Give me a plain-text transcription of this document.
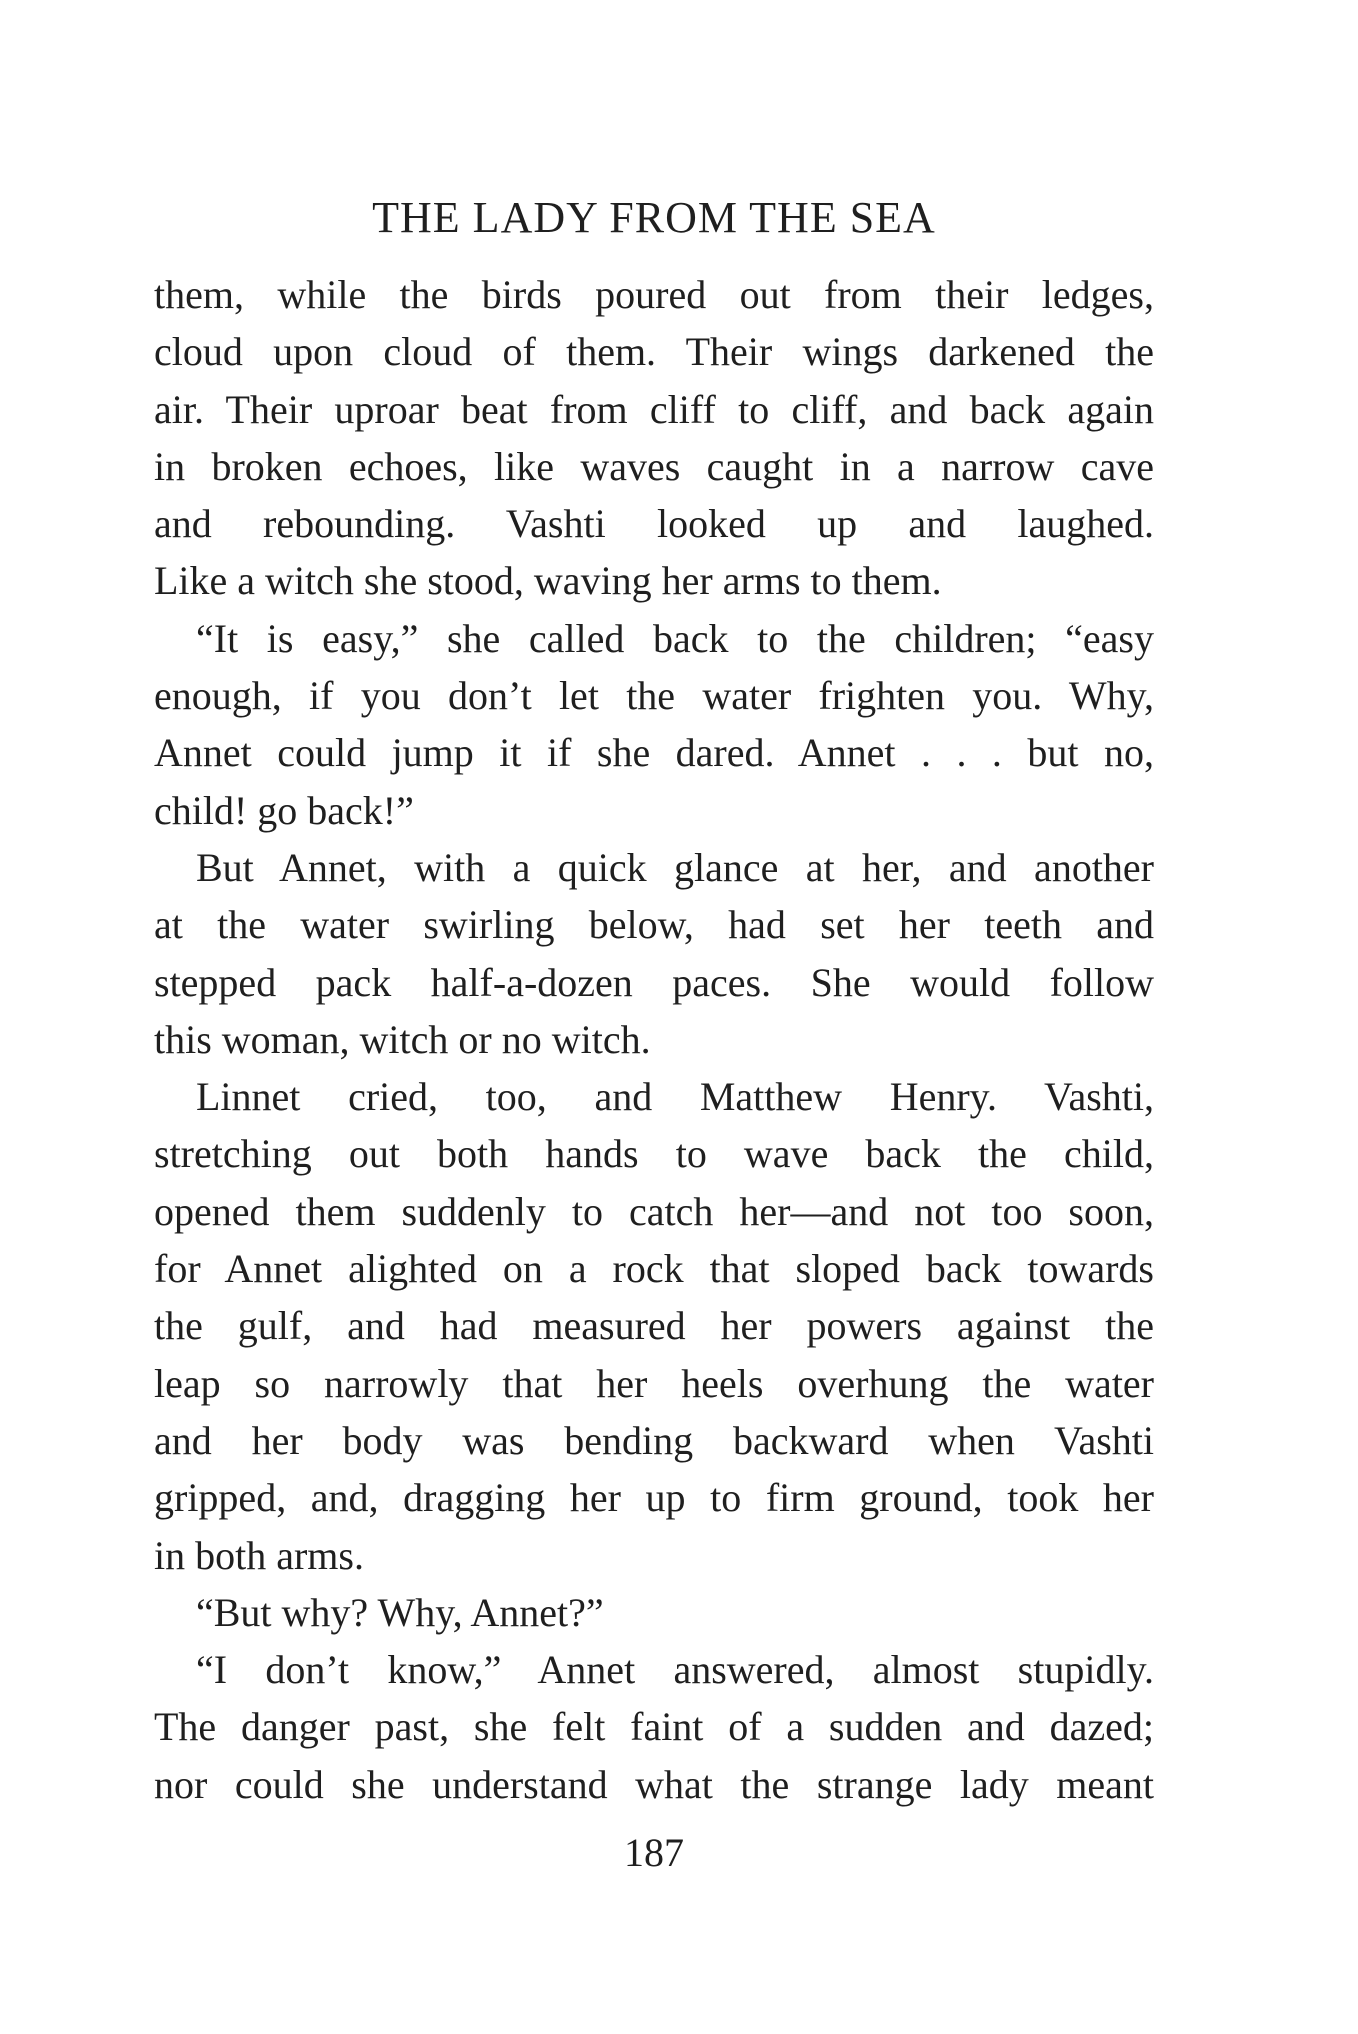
THE LADY FROM THE SEA
them, while the birds poured out from their ledges,
cloud upon cloud of them. Their wings darkened the
air. Their uproar beat from cliff to cliff, and back again
in broken echoes, like waves caught in a narrow cave
and rebounding. Vashti looked up and laughed.
Like a witch she stood, waving her arms to them.
“It is easy,” she called back to the children; “easy
enough, if you don’t let the water frighten you. Why,
Annet could jump it if she dared. Annet . . . but no,
child! go back!”
But Annet, with a quick glance at her, and another
at the water swirling below, had set her teeth and
stepped pack half-a-dozen paces. She would follow
this woman, witch or no witch.
Linnet cried, too, and Matthew Henry. Vashti,
stretching out both hands to wave back the child,
opened them suddenly to catch her—and not too soon,
for Annet alighted on a rock that sloped back towards
the gulf, and had measured her powers against the
leap so narrowly that her heels overhung the water
and her body was bending backward when Vashti
gripped, and, dragging her up to firm ground, took her
in both arms.
“But why? Why, Annet?”
“I don’t know,” Annet answered, almost stupidly.
The danger past, she felt faint of a sudden and dazed;
nor could she understand what the strange lady meant
187
